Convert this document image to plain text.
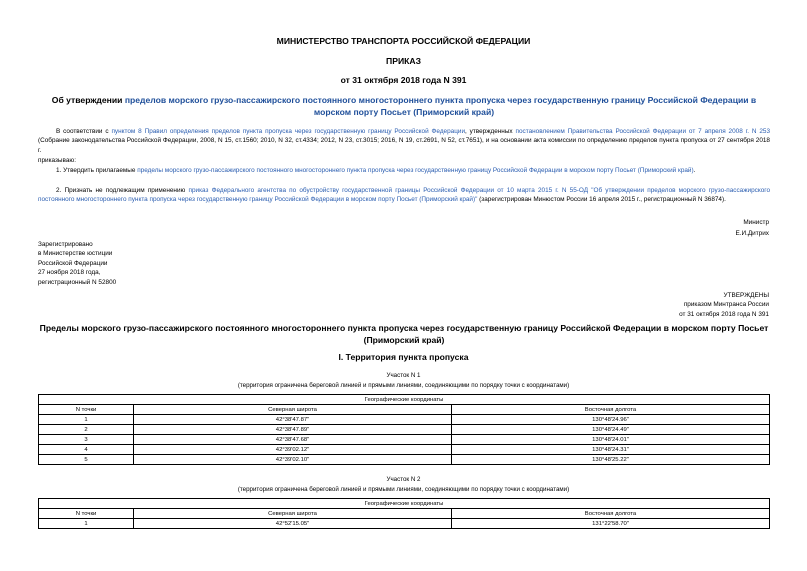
МИНИСТЕРСТВО ТРАНСПОРТА РОССИЙСКОЙ ФЕДЕРАЦИИ
ПРИКАЗ
от 31 октября 2018 года N 391
Об утверждении пределов морского грузо-пассажирского постоянного многостороннего пункта пропуска через государственную границу Российской Федерации в морском порту Посьет (Приморский край)
В соответствии с пунктом 8 Правил определения пределов пункта пропуска через государственную границу Российской Федерации, утвержденных постановлением Правительства Российской Федерации от 7 апреля 2008 г. N 253 (Собрание законодательства Российской Федерации, 2008, N 15, ст.1560; 2010, N 32, ст.4334; 2012, N 23, ст.3015; 2016, N 19, ст.2691, N 52, ст.7651), и на основании акта комиссии по определению пределов пункта пропуска от 27 сентября 2018 г.
приказываю:
1. Утвердить прилагаемые пределы морского грузо-пассажирского постоянного многостороннего пункта пропуска через государственную границу Российской Федерации в морском порту Посьет (Приморский край).
2. Признать не подлежащим применению приказ Федерального агентства по обустройству государственной границы Российской Федерации от 10 марта 2015 г. N 55-ОД "Об утверждении пределов морского грузо-пассажирского постоянного многостороннего пункта пропуска через государственную границу Российской Федерации в морском порту Посьет (Приморский край)" (зарегистрирован Минюстом России 16 апреля 2015 г., регистрационный N 36874).
Министр
Е.И.Дитрих
Зарегистрировано
в Министерстве юстиции
Российской Федерации
27 ноября 2018 года,
регистрационный N 52800
УТВЕРЖДЕНЫ
приказом Минтранса России
от 31 октября 2018 года N 391
Пределы морского грузо-пассажирского постоянного многостороннего пункта пропуска через государственную границу Российской Федерации в морском порту Посьет (Приморский край)
I. Территория пункта пропуска
Участок N 1
(территория ограничена береговой линией и прямыми линиями, соединяющими по порядку точки с координатами)
Географические координаты		
N точки	Северная широта	Восточная долгота
1	42°38'47.87"	130°48'24.96"
2	42°38'47.89"	130°48'24.49"
3	42°38'47.68"	130°48'24.01"
4	42°39'02.12"	130°48'24.31"
5	42°39'02.10"	130°48'25.22"
Участок N 2
(территория ограничена береговой линией и прямыми линиями, соединяющими по порядку точки с координатами)
Географические координаты		
N точки	Северная широта	Восточная долгота
1	42°52'15.05"	131°22'58.70"
